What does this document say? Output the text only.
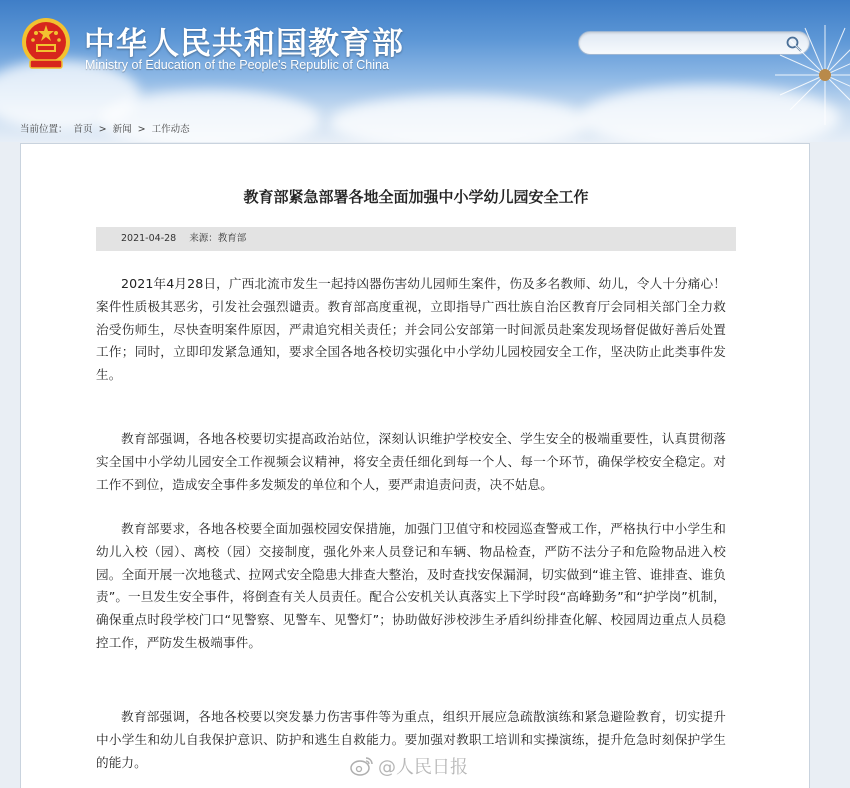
中华人民共和国教育部
Ministry of Education of the People's Republic of China
当前位置： 首页 > 新闻 > 工作动态
教育部紧急部署各地全面加强中小学幼儿园安全工作
2021-04-28 来源：教育部

2021年4月28日，广西北流市发生一起持凶器伤害幼儿园师生案件，伤及多名教师、幼儿，令人十分痛心！案件性质极其恶劣，引发社会强烈谴责。教育部高度重视，立即指导广西壮族自治区教育厅会同相关部门全力救治受伤师生，尽快查明案件原因，严肃追究相关责任；并会同公安部第一时间派员赴案发现场督促做好善后处置工作；同时，立即印发紧急通知，要求全国各地各校切实强化中小学幼儿园校园安全工作，坚决防止此类事件发生。

教育部强调，各地各校要切实提高政治站位，深刻认识维护学校安全、学生安全的极端重要性，认真贯彻落实全国中小学幼儿园安全工作视频会议精神，将安全责任细化到每一个人、每一个环节，确保学校安全稳定。对工作不到位，造成安全事件多发频发的单位和个人，要严肃追责问责，决不姑息。

教育部要求，各地各校要全面加强校园安保措施，加强门卫值守和校园巡查警戒工作，严格执行中小学生和幼儿入校（园）、离校（园）交接制度，强化外来人员登记和车辆、物品检查，严防不法分子和危险物品进入校园。全面开展一次地毯式、拉网式安全隐患大排查大整治，及时查找安保漏洞，切实做到“谁主管、谁排查、谁负责”。一旦发生安全事件，将倒查有关人员责任。配合公安机关认真落实上下学时段“高峰勤务”和“护学岗”机制，确保重点时段学校门口“见警察、见警车、见警灯”；协助做好涉校涉生矛盾纠纷排查化解、校园周边重点人员稳控工作，严防发生极端事件。

教育部强调，各地各校要以突发暴力伤害事件等为重点，组织开展应急疏散演练和紧急避险教育，切实提升中小学生和幼儿自我保护意识、防护和逃生自救能力。要加强对教职工培训和实操演练，提升危急时刻保护学生的能力。	@人民日报
